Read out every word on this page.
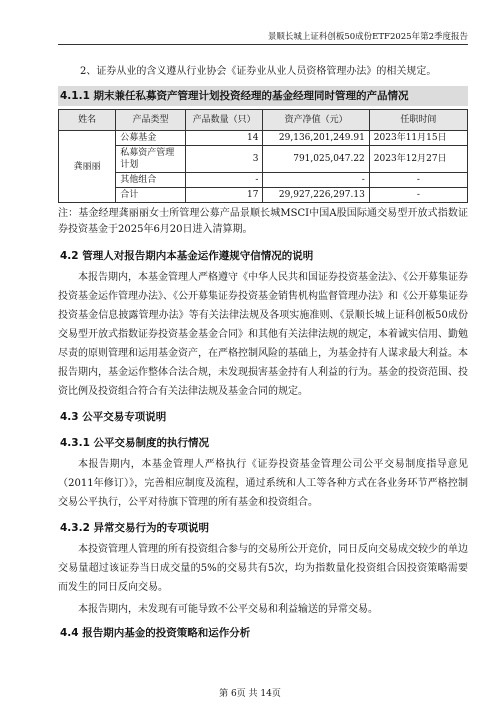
景顺长城上证科创板50成份ETF2025年第2季度报告

2、证券从业的含义遵从行业协会《证券业从业人员资格管理办法》的相关规定。

4.1.1 期末兼任私募资产管理计划投资经理的基金经理同时管理的产品情况
姓名	产品类型	产品数量（只）	资产净值（元）	任职时间
龚丽丽	公募基金	14	29,136,201,249.91	2023年11月15日
	私募资产管理计划	3	791,025,047.22	2023年12月27日
	其他组合	-	-	-
	合计	17	29,927,226,297.13	-

注：基金经理龚丽丽女士所管理公募产品景顺长城MSCI中国A股国际通交易型开放式指数证券投资基金于2025年6月20日进入清算期。

4.2 管理人对报告期内本基金运作遵规守信情况的说明

本报告期内，本基金管理人严格遵守《中华人民共和国证券投资基金法》、《公开募集证券投资基金运作管理办法》、《公开募集证券投资基金销售机构监督管理办法》和《公开募集证券投资基金信息披露管理办法》等有关法律法规及各项实施准则、《景顺长城上证科创板50成份交易型开放式指数证券投资基金基金合同》和其他有关法律法规的规定，本着诚实信用、勤勉尽责的原则管理和运用基金资产，在严格控制风险的基础上，为基金持有人谋求最大利益。本报告期内，基金运作整体合法合规，未发现损害基金持有人利益的行为。基金的投资范围、投资比例及投资组合符合有关法律法规及基金合同的规定。

4.3 公平交易专项说明
4.3.1 公平交易制度的执行情况

本报告期内，本基金管理人严格执行《证券投资基金管理公司公平交易制度指导意见（2011年修订）》，完善相应制度及流程，通过系统和人工等各种方式在各业务环节严格控制交易公平执行，公平对待旗下管理的所有基金和投资组合。

4.3.2 异常交易行为的专项说明

本投资管理人管理的所有投资组合参与的交易所公开竞价，同日反向交易成交较少的单边交易量超过该证券当日成交量的5%的交易共有5次，均为指数量化投资组合因投资策略需要而发生的同日反向交易。

本报告期内，未发现有可能导致不公平交易和利益输送的异常交易。

4.4 报告期内基金的投资策略和运作分析
第 6页 共 14页
